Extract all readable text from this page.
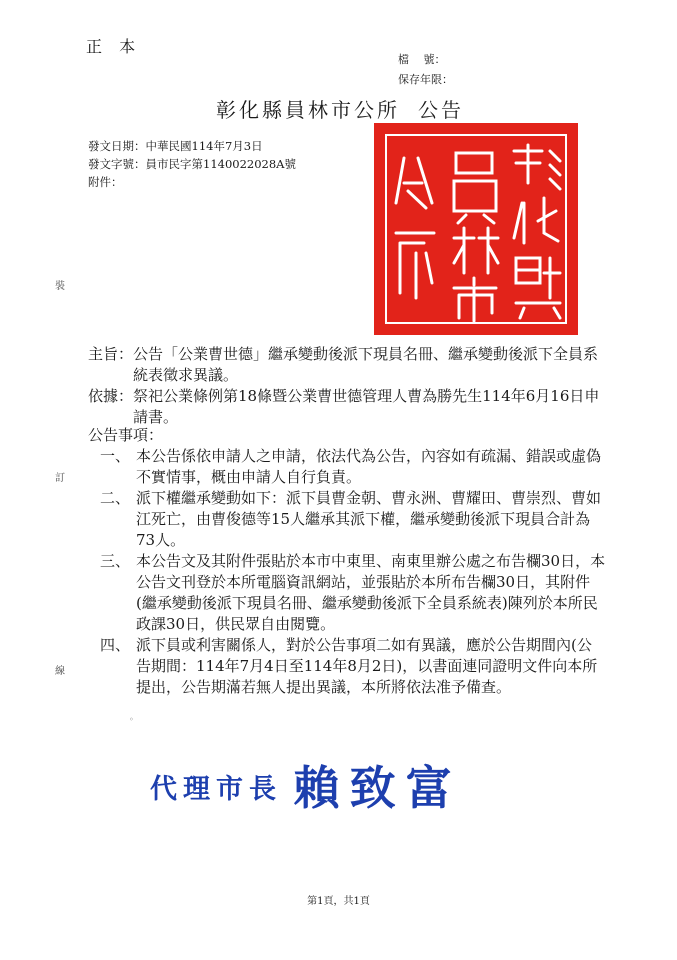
正 本
檔　 號：
保存年限：
彰化縣員林市公所 公告
發文日期：中華民國114年7月3日
發文字號：員市民字第1140022028A號
附件：
裝
訂
線
主旨： 公告「公業曹世德」繼承變動後派下現員名冊、繼承變動後派下全員系統表徵求異議。
依據： 祭祀公業條例第18條暨公業曹世德管理人曹為勝先生114年6月16日申請書。
公告事項：
一、 本公告係依申請人之申請，依法代為公告，內容如有疏漏、錯誤或虛偽不實情事，概由申請人自行負責。
二、 派下權繼承變動如下：派下員曹金朝、曹永洲、曹耀田、曹崇烈、曹如江死亡，由曹俊德等15人繼承其派下權，繼承變動後派下現員合計為73人。
三、 本公告文及其附件張貼於本市中東里、南東里辦公處之布告欄30日，本公告文刊登於本所電腦資訊網站，並張貼於本所布告欄30日，其附件(繼承變動後派下現員名冊、繼承變動後派下全員系統表)陳列於本所民政課30日，供民眾自由閱覽。
四、 派下員或利害關係人，對於公告事項二如有異議，應於公告期間內(公告期間：114年7月4日至114年8月2日)，以書面連同證明文件向本所提出，公告期滿若無人提出異議，本所將依法准予備查。
◦
代理市長 賴致富
第1頁，共1頁
